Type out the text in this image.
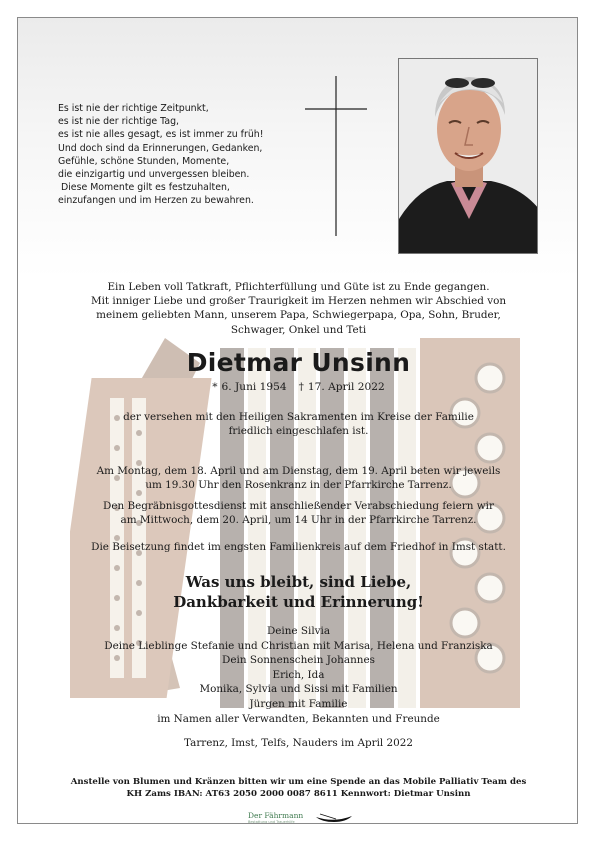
Es ist nie der richtige Zeitpunkt,
es ist nie der richtige Tag,
es ist nie alles gesagt, es ist immer zu früh!
Und doch sind da Erinnerungen, Gedanken,
Gefühle, schöne Stunden, Momente,
die einzigartig und unvergessen bleiben.
Diese Momente gilt es festzuhalten,
einzufangen und im Herzen zu bewahren.
Ein Leben voll Tatkraft, Pflichterfüllung und Güte ist zu Ende gegangen.
Mit inniger Liebe und großer Traurigkeit im Herzen nehmen wir Abschied von
meinem geliebten Mann, unserem Papa, Schwiegerpapa, Opa, Sohn, Bruder,
Schwager, Onkel und Teti
Dietmar Unsinn
* 6. Juni 1954 † 17. April 2022
der versehen mit den Heiligen Sakramenten im Kreise der Familie
friedlich eingeschlafen ist.
Am Montag, dem 18. April und am Dienstag, dem 19. April beten wir jeweils
um 19.30 Uhr den Rosenkranz in der Pfarrkirche Tarrenz.
Den Begräbnisgottesdienst mit anschließender Verabschiedung feiern wir
am Mittwoch, dem 20. April, um 14 Uhr in der Pfarrkirche Tarrenz.
Die Beisetzung findet im engsten Familienkreis auf dem Friedhof in Imst statt.
Was uns bleibt, sind Liebe,
Dankbarkeit und Erinnerung!
Deine Silvia
Deine Lieblinge Stefanie und Christian mit Marisa, Helena und Franziska
Dein Sonnenschein Johannes
Erich, Ida
Monika, Sylvia und Sissi mit Familien
Jürgen mit Familie
im Namen aller Verwandten, Bekannten und Freunde
Tarrenz, Imst, Telfs, Nauders im April 2022
Anstelle von Blumen und Kränzen bitten wir um eine Spende an das Mobile Palliativ Team des
KH Zams IBAN: AT63 2050 2000 0087 8611 Kennwort: Dietmar Unsinn
Der Fährmann
Bestattung und Trauerhilfe
